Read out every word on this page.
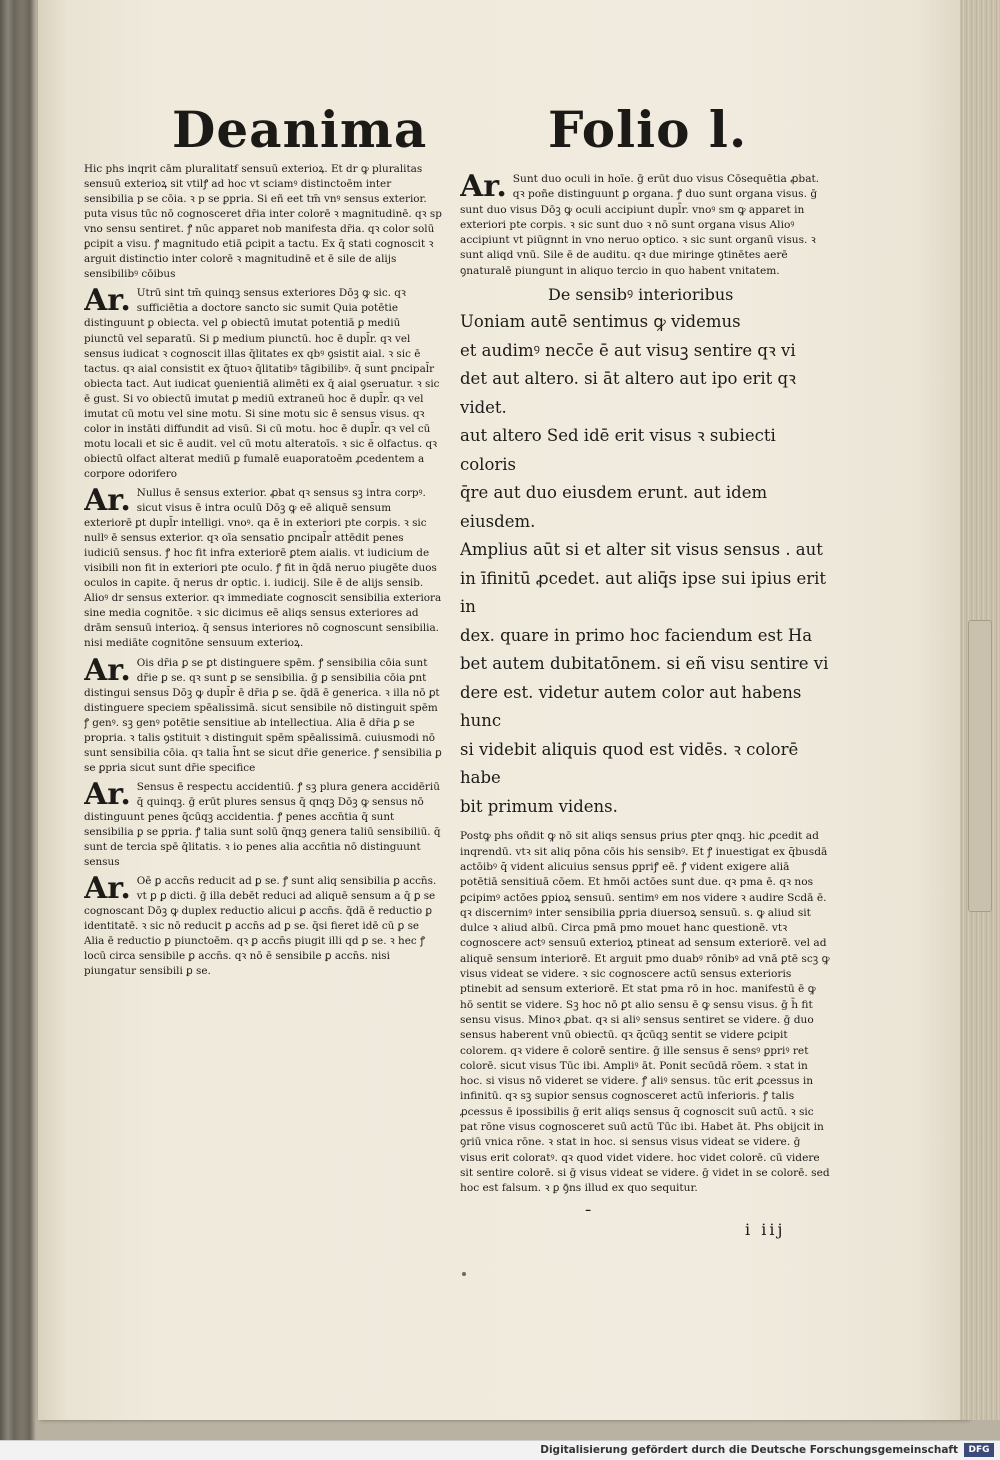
Deanima Folio l.

Hic phs inqrit cām pluralitatẜ sensuū exterioꝝ. Et dr ꝙ pluralitas sensuū exterioꝝ sit vtilꝭ ad hoc vt sciamꝰ distinctoēm inter sensibilia p se cōia. ꝛ p se ꝑpria. Si eñ eet tm̄ vnꝰ sensus exterior. puta visus tūc nō cognosceret dr̄ia inter colorē ꝛ magnitudinē. qꝛ sp vno sensu sentiret. ꝭ nūc apparet nob manifesta dr̄ia. qꝛ color solū ꝑcipit a visu. ꝭ magnitudo etiā ꝑcipit a tactu. Ex q̄ stati cognoscit ꝛ arguit distinctio inter colorē ꝛ magnitudinē et ē sile de alijs sensibilibꝰ cōibus

Ar. Utrū sint tm̄ quinqꝫ sensus exteriores Dōꝫ ꝙ sic. qꝛ sufficiētia a doctore sancto sic sumit Quia potētie distinguunt ꝑ obiecta. vel ꝑ obiectū imutat potentiā ꝑ mediū piunctū vel separatū. Si ꝑ medium piunctū. hoc ē dupl̄r. qꝛ vel sensus iudicat ꝛ cognoscit illas q̄litates ex qbꝰ ꝯsistit aial. ꝛ sic ē tactus. qꝛ aial consistit ex q̄tuoꝛ q̄litatibꝰ tāgibilibꝰ. q̄ sunt ꝑncipal̄r obiecta tact. Aut iudicat ꝯuenientiā alimēti ex q̄ aial ꝯseruatur. ꝛ sic ē gust. Si vo obiectū imutat ꝑ mediū extraneū hoc ē dupl̄r. qꝛ vel imutat cū motu vel sine motu. Si sine motu sic ē sensus visus. qꝛ color in instāti diffundit ad visū. Si cū motu. hoc ē dupl̄r. qꝛ vel cū motu locali et sic ē audit. vel cū motu alteratoīs. ꝛ sic ē olfactus. qꝛ obiectū olfact alterat mediū ꝑ fumalē euaporatoēm ꝓcedentem a corpore odorifero

Ar. Nullus ē sensus exterior. ꝓbat qꝛ sensus sꝫ intra corpꝰ. sicut visus ē intra oculū Dōꝫ ꝙ eē aliquē sensum exteriorē ꝑt dupl̄r intelligi. vnoꝰ. qa ē in exteriori pte corpis. ꝛ sic nullꝰ ē sensus exterior. qꝛ oīa sensatio ꝑncipal̄r attēdit penes iudiciū sensus. ꝭ hoc fit infra exteriorē ꝑtem aialis. vt iudicium de visibili non fit in exteriori pte oculo. ꝭ fit in q̄dā neruo piugēte duos oculos in capite. q̄ nerus dr optic. i. iudicij. Sile ē de alijs sensib. Alioꝰ dr sensus exterior. qꝛ immediate cognoscit sensibilia exteriora sine media cognitōe. ꝛ sic dicimus eē aliqs sensus exteriores ad drām sensuū interioꝝ. q̄ sensus interiores nō cognoscunt sensibilia. nisi mediāte cognitōne sensuum exterioꝝ.

Ar. Ois dr̄ia ꝑ se ꝑt distinguere spēm. ꝭ sensibilia cōia sunt dr̄ie ꝑ se. qꝛ sunt ꝑ se sensibilia. ḡ ꝑ sensibilia cōia ꝑnt distingui sensus Dōꝫ ꝙ dupl̄r ē dr̄ia ꝑ se. q̄dā ē generica. ꝛ illa nō ꝑt distinguere speciem spēalissimā. sicut sensibile nō distinguit spēm ꝭ genꝰ. sꝫ genꝰ potētie sensitiue ab intellectiua. Alia ē dr̄ia ꝑ se propria. ꝛ talis ꝯstituit ꝛ distinguit spēm spēalissimā. cuiusmodi nō sunt sensibilia cōia. qꝛ talia h̄nt se sicut dr̄ie generice. ꝭ sensibilia ꝑ se ꝑpria sicut sunt dr̄ie specifice

Ar. Sensus ē respectu accidentiū. ꝭ sꝫ plura genera accidēriū q̄ quinqꝫ. ḡ erūt plures sensus q̄ qnqꝫ Dōꝫ ꝙ sensus nō distinguunt penes q̄cūqꝫ accidentia. ꝭ penes accn̄tia q̄ sunt sensibilia ꝑ se ꝑpria. ꝭ talia sunt solū q̄nqꝫ genera taliū sensibiliū. q̄ sunt de tercia spē q̄litatis. ꝛ io penes alia accn̄tia nō distinguunt sensus

Ar. Oē ꝑ accn̄s reducit ad ꝑ se. ꝭ sunt aliq sensibilia ꝑ accn̄s. vt ꝑ ꝑ dicti. ḡ illa debēt reduci ad aliquē sensum a q̄ ꝑ se cognoscant Dōꝫ ꝙ duplex reductio alicui ꝑ accn̄s. q̄dā ē reductio ꝑ identitatē. ꝛ sic nō reducit ꝑ accn̄s ad ꝑ se. q̄si fieret idē cū ꝑ se Alia ē reductio ꝑ piunctoēm. qꝛ ꝑ accn̄s piugit illi qd ꝑ se. ꝛ hec ꝭ locū circa sensibile ꝑ accn̄s. qꝛ nō ē sensibile ꝑ accn̄s. nisi piungatur sensibili ꝑ se.

Ar. Sunt duo oculi in hoīe. ḡ erūt duo visus Cōsequētia ꝓbat. qꝛ poñe distinguunt ꝑ organa. ꝭ duo sunt organa visus. ḡ sunt duo visus Dōꝫ ꝙ oculi accipiunt dupl̄r. vnoꝰ sm ꝙ apparet in exteriori pte corpis. ꝛ sic sunt duo ꝛ nō sunt organa visus Alioꝰ accipiunt vt piūgnnt in vno neruo optico. ꝛ sic sunt organū visus. ꝛ sunt aliqd vnū. Sile ē de auditu. qꝛ due miringe ꝯtinētes aerē ꝯnaturalē piungunt in aliquo tercio in quo habent vnitatem.

De sensibꝰ interioribus

Uoniam autē sentimus ꝙ videmus

et audimꝰ necc̄e ē aut visuꝫ sentire qꝛ vi

det aut altero. si āt altero aut ipo erit qꝛ videt.

aut altero Sed idē erit visus ꝛ subiecti coloris

q̄re aut duo eiusdem erunt. aut idem eiusdem.

Amplius aūt si et alter sit visus sensus . aut

in īfinitū ꝓcedet. aut aliq̄s ipse sui ipius erit in

dex. quare in primo hoc faciendum est Ha

bet autem dubitatōnem. si eñ visu sentire vi

dere est. videtur autem color aut habens hunc

si videbit aliquis quod est vidēs. ꝛ colorē habe

bit primum videns.

Postꝙ phs oñdit ꝙ nō sit aliqs sensus ꝑrius ꝑter qnqꝫ. hic ꝓcedit ad inqrendū. vtꝛ sit aliq pōna cōis his sensibꝰ. Et ꝭ inuestigat ex q̄busdā actōibꝰ q̄ vident alicuius sensus ꝑpriꝭ eē. ꝭ vident exigere aliā potētiā sensitiuā cōem. Et hmōi actōes sunt due. qꝛ pma ē. qꝛ nos ꝑcipimꝰ actōes ꝑpioꝝ sensuū. sentimꝰ em nos videre ꝛ audire Scdā ē. qꝛ discernimꝰ inter sensibilia ꝑpria diuersoꝝ sensuū. s. ꝙ aliud sit dulce ꝛ aliud albū. Circa pmā pmo mouet hanc questionē. vtꝛ cognoscere actꝰ sensuū exterioꝝ ptineat ad sensum exteriorē. vel ad aliquē sensum interiorē. Et arguit pmo duabꝰ rōnibꝰ ad vnā ꝑtē scꝫ ꝙ visus videat se videre. ꝛ sic cognoscere actū sensus exterioris ptinebit ad sensum exteriorē. Et stat pma rō in hoc. manifestū ē ꝙ hō sentit se videre. Sꝫ hoc nō ꝑt alio sensu ē ꝙ sensu visus. ḡ h̄ fit sensu visus. Minoꝛ ꝓbat. qꝛ si aliꝰ sensus sentiret se videre. ḡ duo sensus haberent vnū obiectū. qꝛ q̄cūqꝫ sentit se videre ꝑcipit colorem. qꝛ videre ē colorē sentire. ḡ ille sensus ē sensꝰ ꝑpriꝰ ret colorē. sicut visus Tūc ibi. Ampliꝰ āt. Ponit secūdā rōem. ꝛ stat in hoc. si visus nō videret se videre. ꝭ aliꝰ sensus. tūc erit ꝓcessus in infinitū. qꝛ sꝫ supior sensus cognosceret actū inferioris. ꝭ talis ꝓcessus ē ipossibilis ḡ erit aliqs sensus q̄ cognoscit suū actū. ꝛ sic pat rōne visus cognosceret suū actū Tūc ibi. Habet āt. Phs obijcit in ꝯriū vnica rōne. ꝛ stat in hoc. si sensus visus videat se videre. ḡ visus erit coloratꝰ. qꝛ quod videt videre. hoc videt colorē. cū videre sit sentire colorē. si ḡ visus videat se videre. ḡ videt in se colorē. sed hoc est falsum. ꝛ ꝑ ꝯ̄ns illud ex quo sequitur.

i iij
Digitalisierung gefördert durch die Deutsche Forschungsgemeinschaft	DFG
